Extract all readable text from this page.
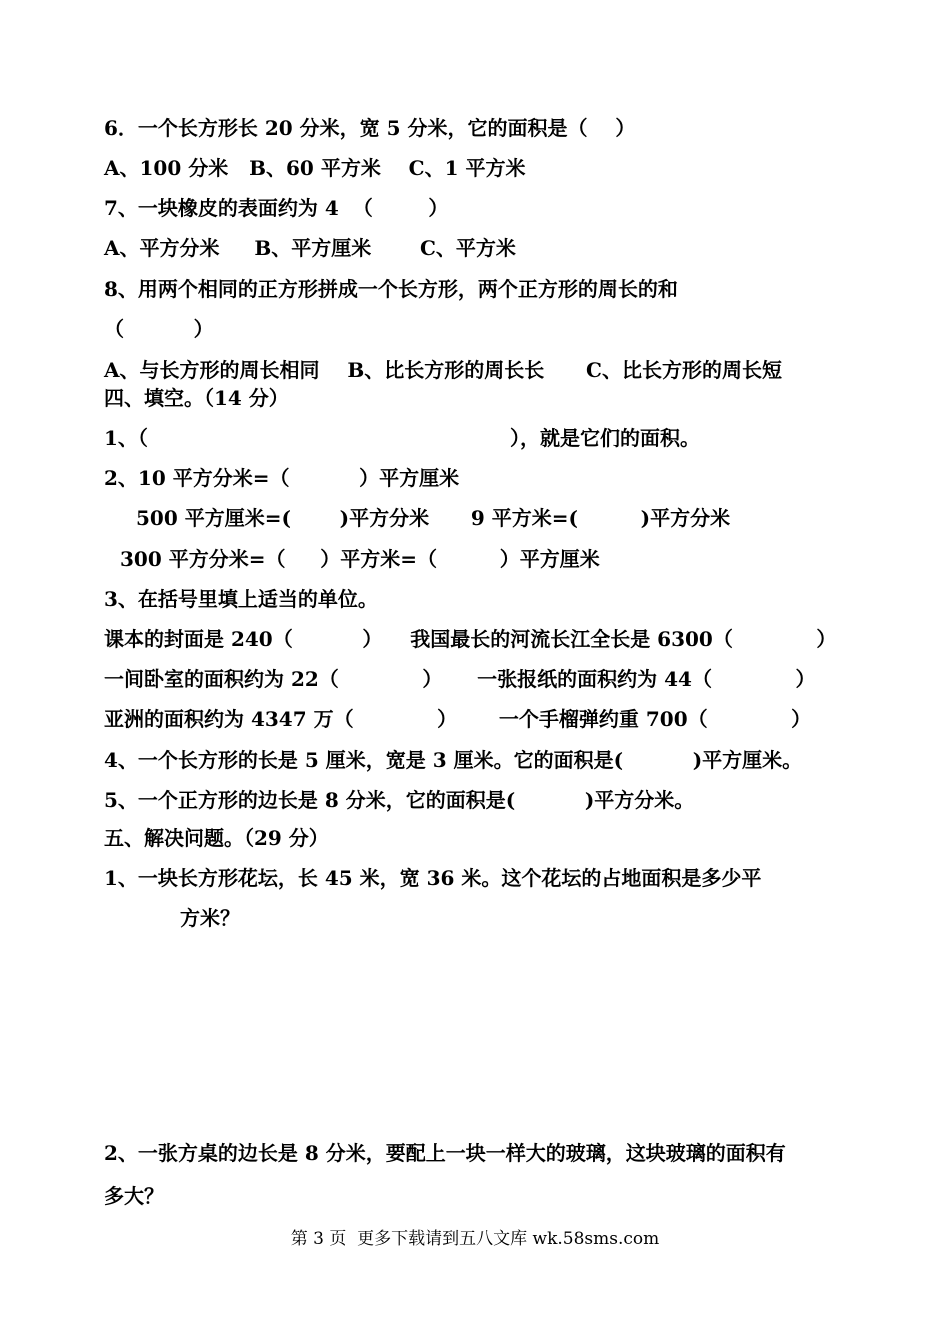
6．一个长方形长 20 分米，宽 5 分米，它的面积是（    ）
A、100 分米   B、60 平方米    C、1 平方米
7、一块橡皮的表面约为 4  （        ）
A、平方分米     B、平方厘米       C、平方米
8、用两个相同的正方形拼成一个长方形，两个正方形的周长的和
（          ）
A、与长方形的周长相同    B、比长方形的周长长      C、比长方形的周长短
四、填空。（14 分）
1、（                                                    ），就是它们的面积。
2、10 平方分米=（          ）平方厘米
500 平方厘米=(       )平方分米      9 平方米=(         )平方分米
300 平方分米=（     ）平方米=（         ）平方厘米
3、在括号里填上适当的单位。
课本的封面是 240（          ）    我国最长的河流长江全长是 6300（            ）
一间卧室的面积约为 22（            ）     一张报纸的面积约为 44（            ）
亚洲的面积约为 4347 万（            ）      一个手榴弹约重 700（            ）
4、一个长方形的长是 5 厘米，宽是 3 厘米。它的面积是(          )平方厘米。
5、一个正方形的边长是 8 分米，它的面积是(          )平方分米。
五、解决问题。（29 分）
1、一块长方形花坛，长 45 米，宽 36 米。这个花坛的占地面积是多少平
方米？
2、一张方桌的边长是 8 分米，要配上一块一样大的玻璃，这块玻璃的面积有
多大？
第 3 页  更多下载请到五八文库 wk.58sms.com
